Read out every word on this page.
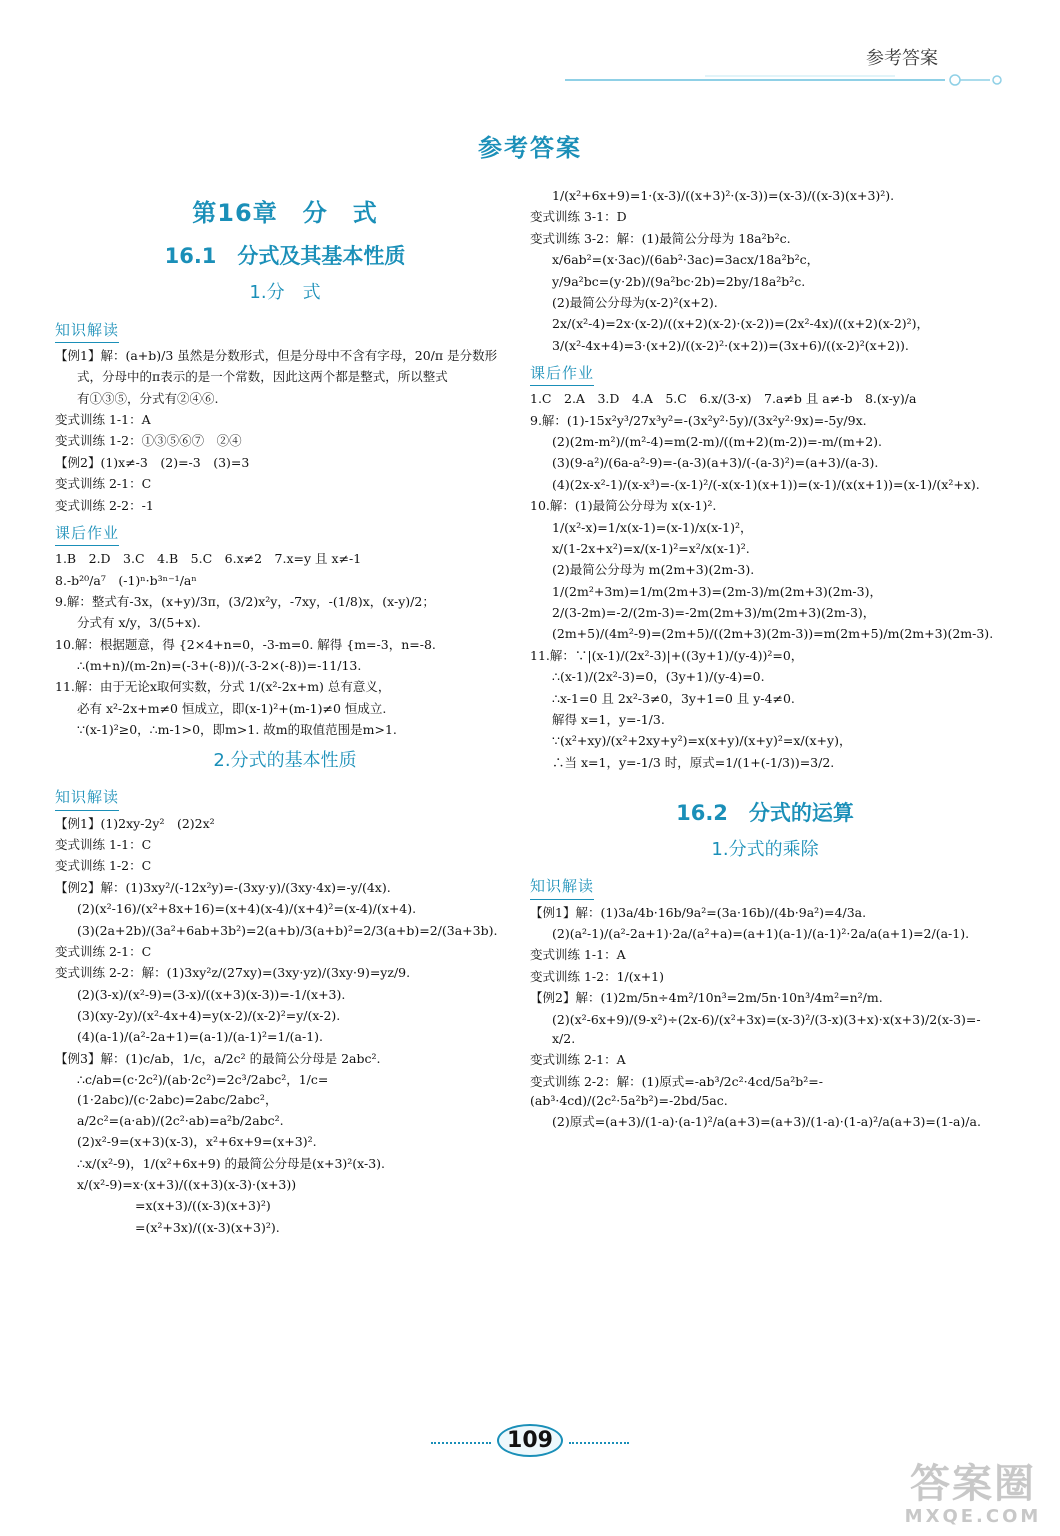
参考答案
参考答案
第16章　分　式
16.1　分式及其基本性质
1.分　式
知识解读

【例1】解：(a+b)/3 虽然是分数形式，但是分母中不含有字母，20/π 是分数形

式，分母中的π表示的是一个常数，因此这两个都是整式，所以整式

有①③⑤，分式有②④⑥.

变式训练 1-1：A

变式训练 1-2：①③⑤⑥⑦　②④

【例2】(1)x≠-3　(2)=-3　(3)=3

变式训练 2-1：C

变式训练 2-2：-1

课后作业

1.B　2.D　3.C　4.B　5.C　6.x≠2　7.x=y 且 x≠-1

8.-b²⁰/a⁷　(-1)ⁿ·b³ⁿ⁻¹/aⁿ

9.解：整式有-3x，(x+y)/3π，(3/2)x²y，-7xy，-(1/8)x，(x-y)/2；

分式有 x/y，3/(5+x).

10.解：根据题意，得 {2×4+n=0，-3-m=0. 解得 {m=-3，n=-8.

∴(m+n)/(m-2n)=(-3+(-8))/(-3-2×(-8))=-11/13.

11.解：由于无论x取何实数，分式 1/(x²-2x+m) 总有意义，

必有 x²-2x+m≠0 恒成立，即(x-1)²+(m-1)≠0 恒成立.

∵(x-1)²≥0，∴m-1>0，即m>1. 故m的取值范围是m>1.

2.分式的基本性质
知识解读

【例1】(1)2xy-2y²　(2)2x²

变式训练 1-1：C

变式训练 1-2：C

【例2】解：(1)3xy²/(-12x²y)=-(3xy·y)/(3xy·4x)=-y/(4x).

(2)(x²-16)/(x²+8x+16)=(x+4)(x-4)/(x+4)²=(x-4)/(x+4).

(3)(2a+2b)/(3a²+6ab+3b²)=2(a+b)/3(a+b)²=2/3(a+b)=2/(3a+3b).

变式训练 2-1：C

变式训练 2-2：解：(1)3xy²z/(27xy)=(3xy·yz)/(3xy·9)=yz/9.

(2)(3-x)/(x²-9)=(3-x)/((x+3)(x-3))=-1/(x+3).

(3)(xy-2y)/(x²-4x+4)=y(x-2)/(x-2)²=y/(x-2).

(4)(a-1)/(a²-2a+1)=(a-1)/(a-1)²=1/(a-1).

【例3】解：(1)c/ab，1/c，a/2c² 的最简公分母是 2abc².

∴c/ab=(c·2c²)/(ab·2c²)=2c³/2abc²，1/c=(1·2abc)/(c·2abc)=2abc/2abc²，

a/2c²=(a·ab)/(2c²·ab)=a²b/2abc².

(2)x²-9=(x+3)(x-3)，x²+6x+9=(x+3)².

∴x/(x²-9)，1/(x²+6x+9) 的最简公分母是(x+3)²(x-3).

x/(x²-9)=x·(x+3)/((x+3)(x-3)·(x+3))

=x(x+3)/((x-3)(x+3)²)

=(x²+3x)/((x-3)(x+3)²).

1/(x²+6x+9)=1·(x-3)/((x+3)²·(x-3))=(x-3)/((x-3)(x+3)²).

变式训练 3-1：D

变式训练 3-2：解：(1)最简公分母为 18a²b²c.

x/6ab²=(x·3ac)/(6ab²·3ac)=3acx/18a²b²c，

y/9a²bc=(y·2b)/(9a²bc·2b)=2by/18a²b²c.

(2)最简公分母为(x-2)²(x+2).

2x/(x²-4)=2x·(x-2)/((x+2)(x-2)·(x-2))=(2x²-4x)/((x+2)(x-2)²)，

3/(x²-4x+4)=3·(x+2)/((x-2)²·(x+2))=(3x+6)/((x-2)²(x+2)).

课后作业

1.C　2.A　3.D　4.A　5.C　6.x/(3-x)　7.a≠b 且 a≠-b　8.(x-y)/a

9.解：(1)-15x²y³/27x³y²=-(3x²y²·5y)/(3x²y²·9x)=-5y/9x.

(2)(2m-m²)/(m²-4)=m(2-m)/((m+2)(m-2))=-m/(m+2).

(3)(9-a²)/(6a-a²-9)=-(a-3)(a+3)/(-(a-3)²)=(a+3)/(a-3).

(4)(2x-x²-1)/(x-x³)=-(x-1)²/(-x(x-1)(x+1))=(x-1)/(x(x+1))=(x-1)/(x²+x).

10.解：(1)最简公分母为 x(x-1)².

1/(x²-x)=1/x(x-1)=(x-1)/x(x-1)²，

x/(1-2x+x²)=x/(x-1)²=x²/x(x-1)².

(2)最简公分母为 m(2m+3)(2m-3).

1/(2m²+3m)=1/m(2m+3)=(2m-3)/m(2m+3)(2m-3)，

2/(3-2m)=-2/(2m-3)=-2m(2m+3)/m(2m+3)(2m-3)，

(2m+5)/(4m²-9)=(2m+5)/((2m+3)(2m-3))=m(2m+5)/m(2m+3)(2m-3).

11.解：∵|(x-1)/(2x²-3)|+((3y+1)/(y-4))²=0，

∴(x-1)/(2x²-3)=0，(3y+1)/(y-4)=0.

∴x-1=0 且 2x²-3≠0，3y+1=0 且 y-4≠0.

解得 x=1，y=-1/3.

∵(x²+xy)/(x²+2xy+y²)=x(x+y)/(x+y)²=x/(x+y)，

∴当 x=1，y=-1/3 时，原式=1/(1+(-1/3))=3/2.

16.2　分式的运算
1.分式的乘除
知识解读

【例1】解：(1)3a/4b·16b/9a²=(3a·16b)/(4b·9a²)=4/3a.

(2)(a²-1)/(a²-2a+1)·2a/(a²+a)=(a+1)(a-1)/(a-1)²·2a/a(a+1)=2/(a-1).

变式训练 1-1：A

变式训练 1-2：1/(x+1)

【例2】解：(1)2m/5n÷4m²/10n³=2m/5n·10n³/4m²=n²/m.

(2)(x²-6x+9)/(9-x²)÷(2x-6)/(x²+3x)=(x-3)²/(3-x)(3+x)·x(x+3)/2(x-3)=-x/2.

变式训练 2-1：A

变式训练 2-2：解：(1)原式=-ab³/2c²·4cd/5a²b²=-(ab³·4cd)/(2c²·5a²b²)=-2bd/5ac.

(2)原式=(a+3)/(1-a)·(a-1)²/a(a+3)=(a+3)/(1-a)·(1-a)²/a(a+3)=(1-a)/a.

109
答案圈
MXQE.COM
